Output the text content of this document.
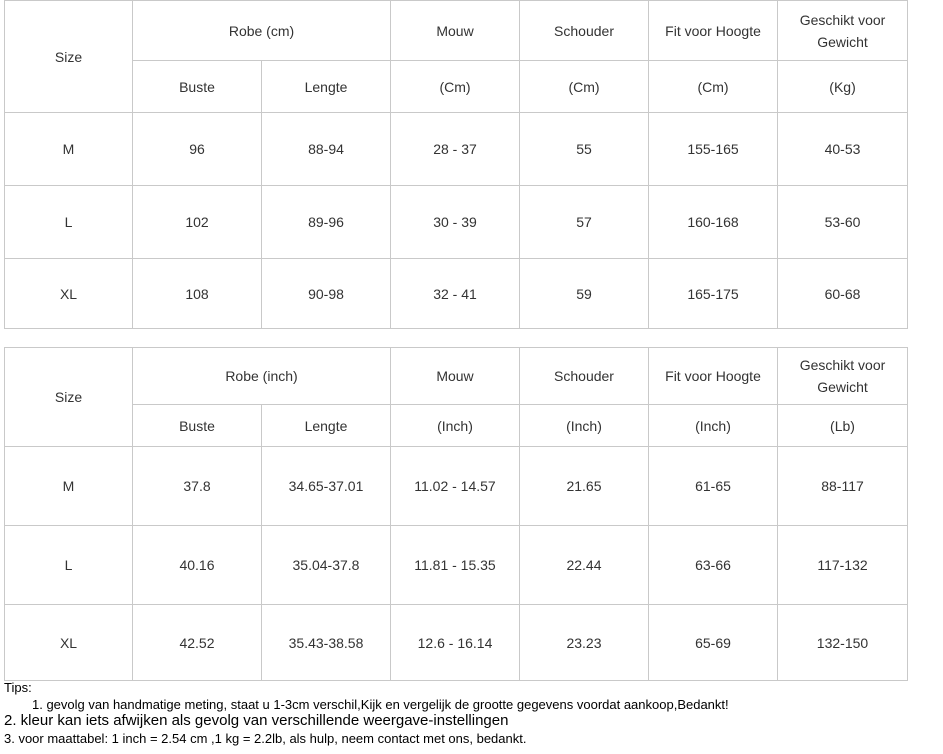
Size	Robe (cm)		Mouw	Schouder	Fit voor Hoogte	Geschikt voor Gewicht
	Buste	Lengte	(Cm)	(Cm)	(Cm)	(Kg)
M	96	88-94	28 - 37	55	155-165	40-53
L	102	89-96	30 - 39	57	160-168	53-60
XL	108	90-98	32 - 41	59	165-175	60-68
Size	Robe (inch)		Mouw	Schouder	Fit voor Hoogte	Geschikt voor Gewicht
	Buste	Lengte	(Inch)	(Inch)	(Inch)	(Lb)
M	37.8	34.65-37.01	11.02 - 14.57	21.65	61-65	88-117
L	40.16	35.04-37.8	11.81 - 15.35	22.44	63-66	117-132
XL	42.52	35.43-38.58	12.6 - 16.14	23.23	65-69	132-150
Tips:
1. gevolg van handmatige meting, staat u 1-3cm verschil,Kijk en vergelijk de grootte gegevens voordat aankoop,Bedankt!
2. kleur kan iets afwijken als gevolg van verschillende weergave-instellingen
3. voor maattabel: 1 inch = 2.54 cm ,1 kg = 2.2lb, als hulp, neem contact met ons, bedankt.
